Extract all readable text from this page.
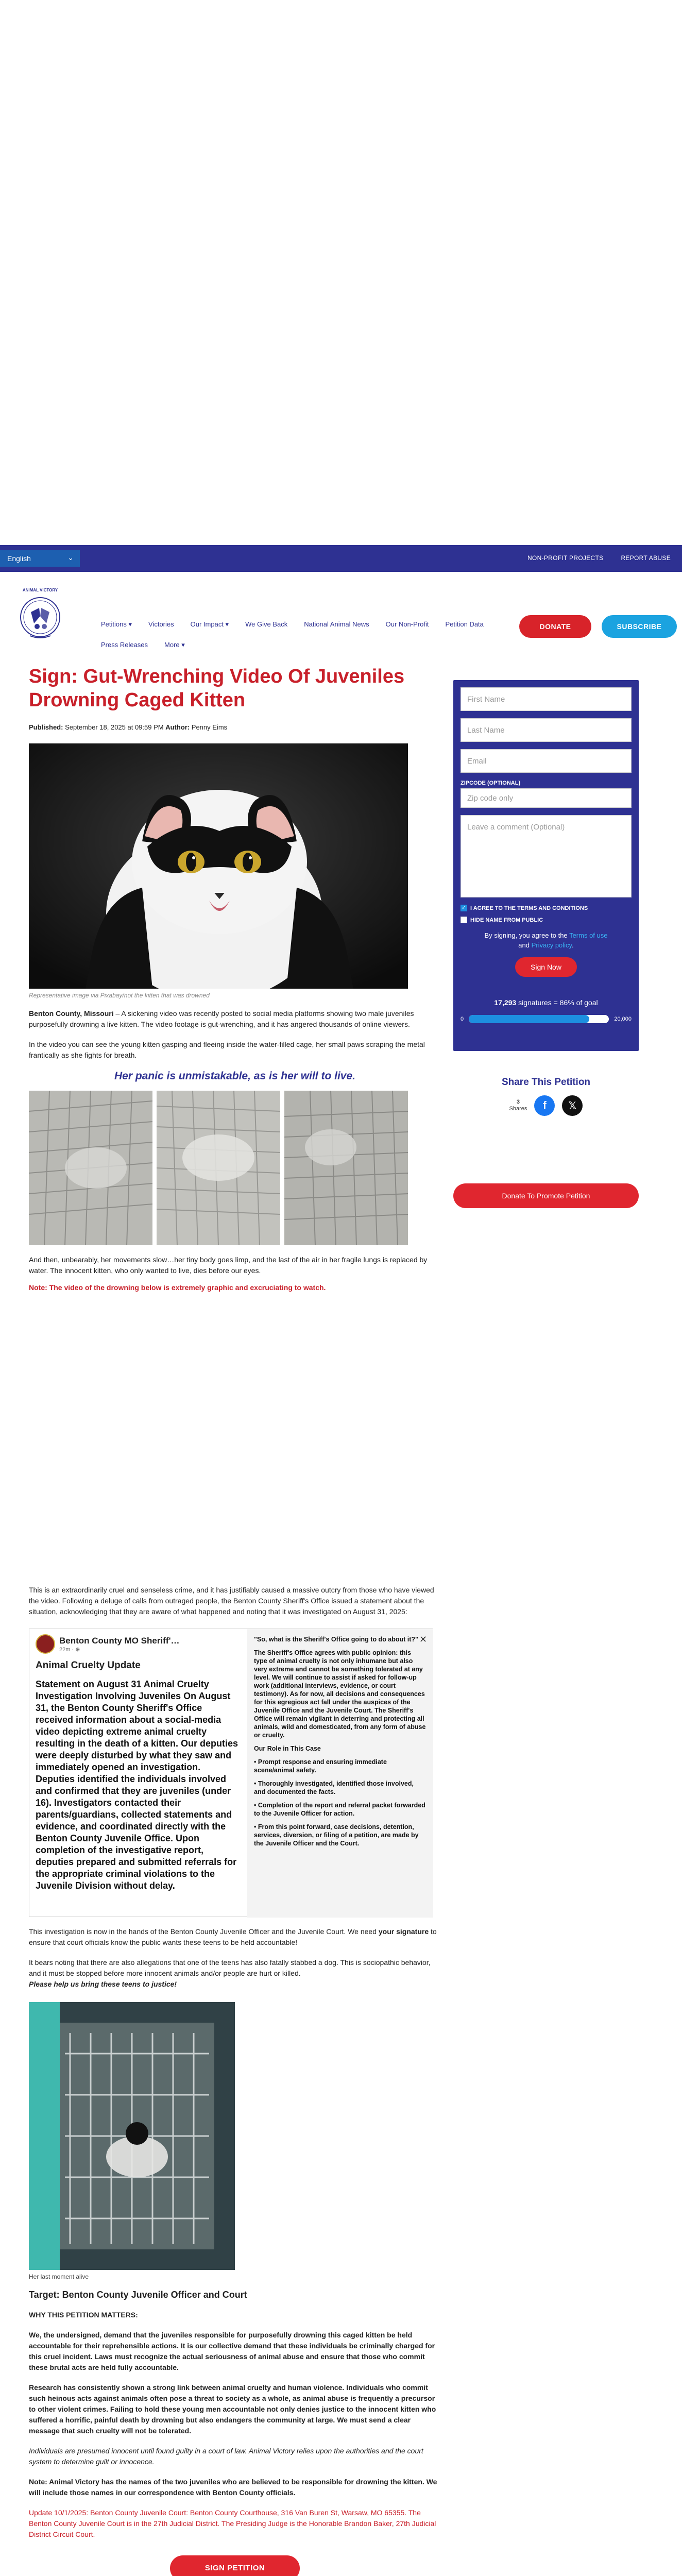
English	⌄	NON-PROFIT PROJECTS	REPORT ABUSE
ANIMAL VICTORY
Petitions ▾ Victories Our Impact ▾ We Give Back National Animal News Our Non-Profit Petition Data
Press Releases More ▾
DONATE	SUBSCRIBE
Sign: Gut-Wrenching Video Of Juveniles Drowning Caged Kitten
Published: September 18, 2025 at 09:59 PM Author: Penny Eims
Representative image via Pixabay/not the kitten that was drowned

Benton County, Missouri – A sickening video was recently posted to social media platforms showing two male juveniles purposefully drowning a live kitten. The video footage is gut-wrenching, and it has angered thousands of online viewers.

In the video you can see the young kitten gasping and fleeing inside the water-filled cage, her small paws scraping the metal frantically as she fights for breath.

Her panic is unmistakable, as is her will to live.

And then, unbearably, her movements slow…her tiny body goes limp, and the last of the air in her fragile lungs is replaced by water. The innocent kitten, who only wanted to live, dies before our eyes.

Note: The video of the drowning below is extremely graphic and excruciating to watch.

First Name
Last Name
Email
ZIPCODE (OPTIONAL)
Zip code only
Leave a comment (Optional)
✓
I AGREE TO THE TERMS AND CONDITIONS
HIDE NAME FROM PUBLIC
By signing, you agree to the Terms of use
and Privacy policy.
Sign Now
17,293 signatures = 86% of goal
0	20,000
Share This Petition
3
Shares	f	𝕏
Donate To Promote Petition

This is an extraordinarily cruel and senseless crime, and it has justifiably caused a massive outcry from those who have viewed the video. Following a deluge of calls from outraged people, the Benton County Sheriff's Office issued a statement about the situation, acknowledging that they are aware of what happened and noting that it was investigated on August 31, 2025:

Benton County MO Sheriff'…
22m · ⊕
Animal Cruelty Update
Statement on August 31 Animal Cruelty Investigation Involving Juveniles On August 31, the Benton County Sheriff's Office received information about a social-media video depicting extreme animal cruelty resulting in the death of a kitten. Our deputies were deeply disturbed by what they saw and immediately opened an investigation. Deputies identified the individuals involved and confirmed that they are juveniles (under 16). Investigators contacted their parents/guardians, collected statements and evidence, and coordinated directly with the Benton County Juvenile Office. Upon completion of the investigative report, deputies prepared and submitted referrals for the appropriate criminal violations to the Juvenile Division without delay.
✕

"So, what is the Sheriff's Office going to do about it?"

The Sheriff's Office agrees with public opinion: this type of animal cruelty is not only inhumane but also very extreme and cannot be something tolerated at any level. We will continue to assist if asked for follow-up work (additional interviews, evidence, or court testimony). As for now, all decisions and consequences for this egregious act fall under the auspices of the Juvenile Office and the Juvenile Court. The Sheriff's Office will remain vigilant in deterring and protecting all animals, wild and domesticated, from any form of abuse or cruelty.

Our Role in This Case

• Prompt response and ensuring immediate scene/animal safety.

• Thoroughly investigated, identified those involved, and documented the facts.

• Completion of the report and referral packet forwarded to the Juvenile Officer for action.

• From this point forward, case decisions, detention, services, diversion, or filing of a petition, are made by the Juvenile Officer and the Court.

This investigation is now in the hands of the Benton County Juvenile Officer and the Juvenile Court. We need your signature to ensure that court officials know the public wants these teens to be held accountable!

It bears noting that there are also allegations that one of the teens has also fatally stabbed a dog. This is sociopathic behavior, and it must be stopped before more innocent animals and/or people are hurt or killed.
Please help us bring these teens to justice!

Her last moment alive

Target: Benton County Juvenile Officer and Court

WHY THIS PETITION MATTERS:

We, the undersigned, demand that the juveniles responsible for purposefully drowning this caged kitten be held accountable for their reprehensible actions. It is our collective demand that these individuals be criminally charged for this cruel incident. Laws must recognize the actual seriousness of animal abuse and ensure that those who commit these brutal acts are held fully accountable.

Research has consistently shown a strong link between animal cruelty and human violence. Individuals who commit such heinous acts against animals often pose a threat to society as a whole, as animal abuse is frequently a precursor to other violent crimes. Failing to hold these young men accountable not only denies justice to the innocent kitten who suffered a horrific, painful death by drowning but also endangers the community at large. We must send a clear message that such cruelty will not be tolerated.

Individuals are presumed innocent until found guilty in a court of law. Animal Victory relies upon the authorities and the court system to determine guilt or innocence.

Note: Animal Victory has the names of the two juveniles who are believed to be responsible for drowning the kitten. We will include those names in our correspondence with Benton County officials.

Update 10/1/2025: Benton County Juvenile Court: Benton County Courthouse, 316 Van Buren St, Warsaw, MO 65355. The Benton County Juvenile Court is in the 27th Judicial District. The Presiding Judge is the Honorable Brandon Baker, 27th Judicial District Circuit Court.

SIGN PETITION
